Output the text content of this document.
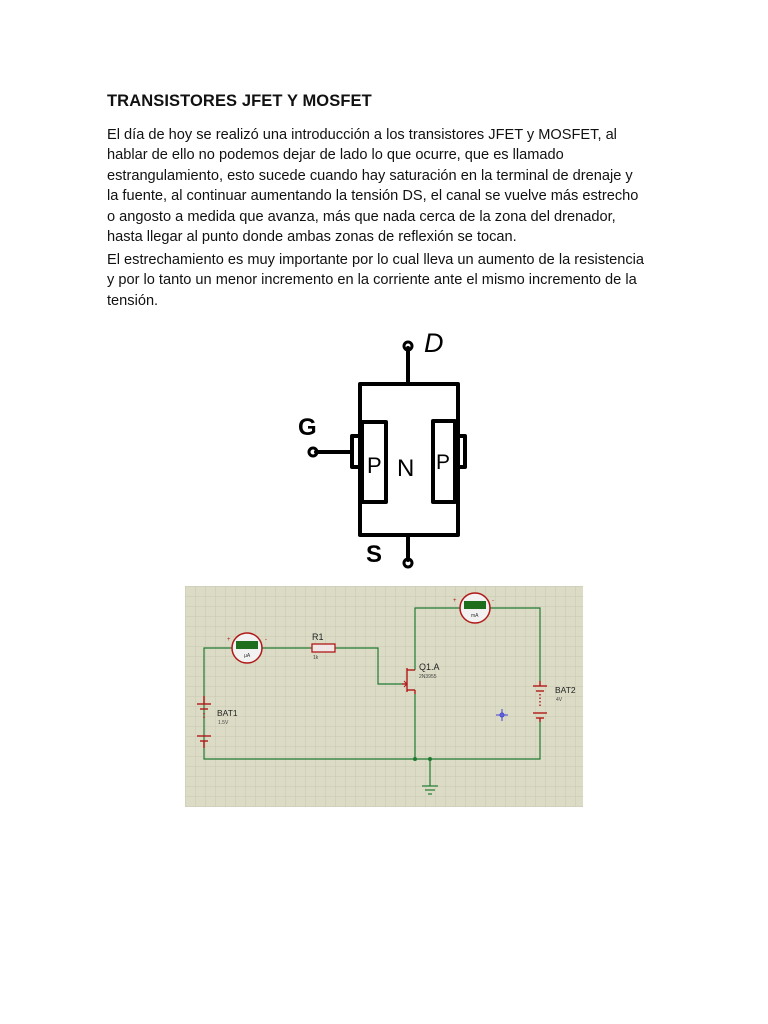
TRANSISTORES JFET Y MOSFET

El día de hoy se realizó una introducción a los transistores JFET y MOSFET, al
hablar de ello no podemos dejar de lado lo que ocurre, que es llamado
estrangulamiento, esto sucede cuando hay saturación en la terminal de drenaje y
la fuente, al continuar aumentando la tensión DS, el canal se vuelve más estrecho
o angosto a medida que avanza, más que nada cerca de la zona del drenador,
hasta llegar al punto donde ambas zonas de reflexión se tocan.

El estrechamiento es muy importante por lo cual lleva un aumento de la resistencia
y por lo tanto un menor incremento en la corriente ante el mismo incremento de la
tensión.

D
G
S
P N P
µA
+	-
mA
+	-
R1
1k
Q1.A
2N3955
BAT1
1.5V
BAT2
4V
